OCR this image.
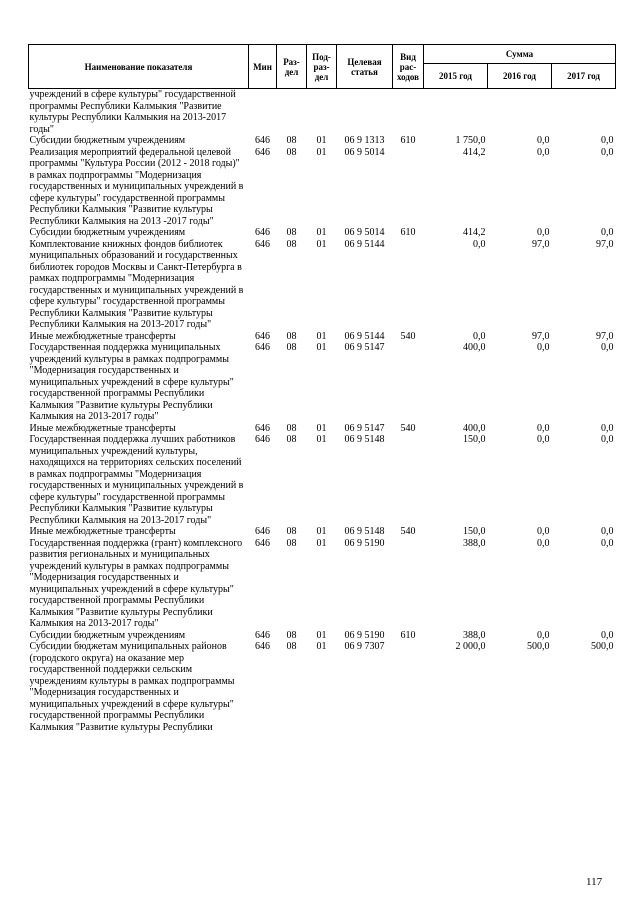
Наименование показателя	Мин	Раз- дел	Под- раз- дел	Целевая статья	Вид рас- ходов	Сумма		
						2015 год	2016 год	2017 год
учреждений в сфере культуры" государственной программы Республики Калмыкия "Развитие культуры Республики Калмыкия на 2013-2017 годы"								
Субсидии бюджетным учреждениям	646	08	01	06 9 1313	610	1 750,0	0,0	0,0
Реализация мероприятий федеральной целевой программы "Культура России (2012 - 2018 годы)" в рамках подпрограммы "Модернизация государственных и муниципальных учреждений в сфере культуры" государственной программы Республики Калмыкия "Развитие культуры Республики Калмыкия на 2013 -2017 годы"	646	08	01	06 9 5014		414,2	0,0	0,0
Субсидии бюджетным учреждениям	646	08	01	06 9 5014	610	414,2	0,0	0,0
Комплектование книжных фондов библиотек муниципальных образований и государственных библиотек городов Москвы и Санкт-Петербурга в рамках подпрограммы "Модернизация государственных и муниципальных учреждений в сфере культуры" государственной программы Республики Калмыкия "Развитие культуры Республики Калмыкия на 2013-2017 годы"	646	08	01	06 9 5144		0,0	97,0	97,0
Иные межбюджетные трансферты	646	08	01	06 9 5144	540	0,0	97,0	97,0
Государственная поддержка муниципальных учреждений культуры в рамках подпрограммы "Модернизация государственных и муниципальных учреждений в сфере культуры" государственной программы Республики Калмыкия "Развитие культуры Республики Калмыкия на 2013-2017 годы"	646	08	01	06 9 5147		400,0	0,0	0,0
Иные межбюджетные трансферты	646	08	01	06 9 5147	540	400,0	0,0	0,0
Государственная поддержка лучших работников муниципальных учреждений культуры, находящихся на территориях сельских поселений в рамках подпрограммы "Модернизация государственных и муниципальных учреждений в сфере культуры" государственной программы Республики Калмыкия "Развитие культуры Республики Калмыкия на 2013-2017 годы"	646	08	01	06 9 5148		150,0	0,0	0,0
Иные межбюджетные трансферты	646	08	01	06 9 5148	540	150,0	0,0	0,0
Государственная поддержка (грант) комплексного развития региональных и муниципальных учреждений культуры в рамках подпрограммы "Модернизация государственных и муниципальных учреждений в сфере культуры" государственной программы Республики Калмыкия "Развитие культуры Республики Калмыкия на 2013-2017 годы"	646	08	01	06 9 5190		388,0	0,0	0,0
Субсидии бюджетным учреждениям	646	08	01	06 9 5190	610	388,0	0,0	0,0
Субсидии бюджетам муниципальных районов (городского округа) на оказание мер государственной поддержки сельским учреждениям культуры в рамках подпрограммы "Модернизация государственных и муниципальных учреждений в сфере культуры" государственной программы Республики Калмыкия "Развитие культуры Республики	646	08	01	06 9 7307		2 000,0	500,0	500,0
117
